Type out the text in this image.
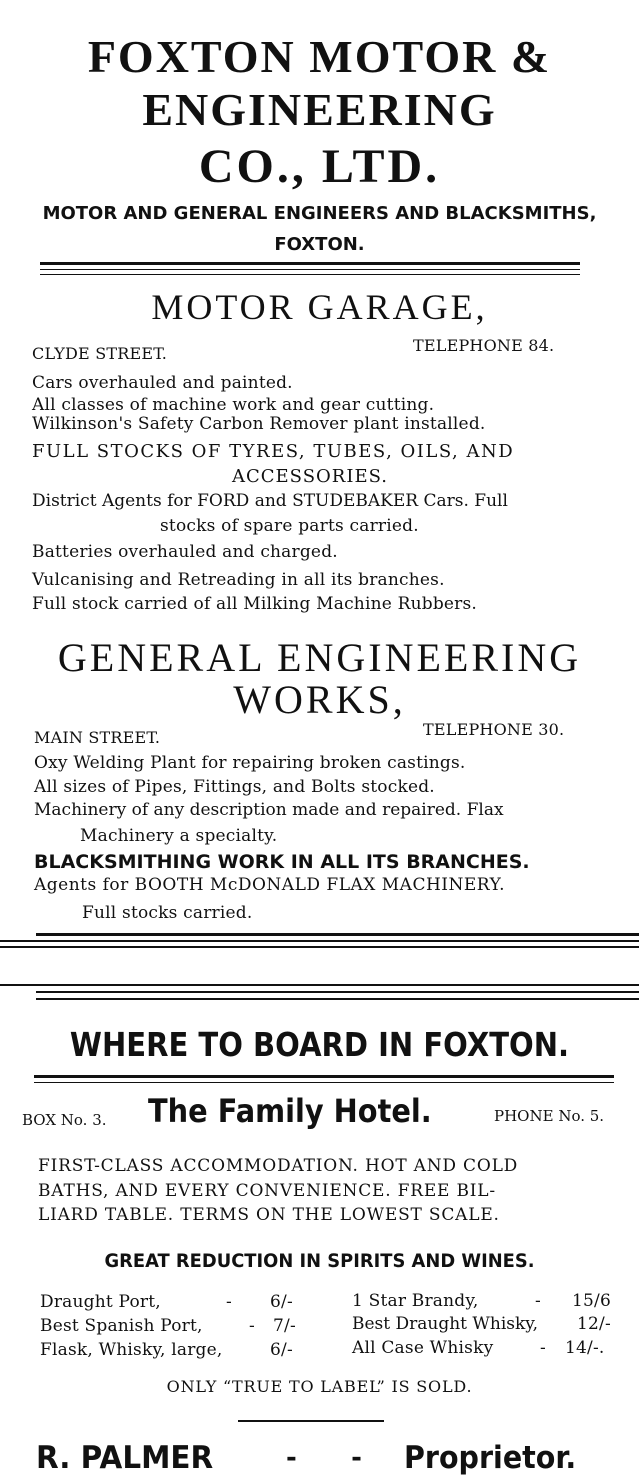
FOXTON MOTOR &
ENGINEERING
CO., LTD.
MOTOR AND GENERAL ENGINEERS AND BLACKSMITHS,
FOXTON.
MOTOR GARAGE,
CLYDE STREET.	TELEPHONE 84.
Cars overhauled and painted.
All classes of machine work and gear cutting.
Wilkinson's Safety Carbon Remover plant installed.
FULL STOCKS OF TYRES, TUBES, OILS, AND
ACCESSORIES.
District Agents for FORD and STUDEBAKER Cars. Full
stocks of spare parts carried.
Batteries overhauled and charged.
Vulcanising and Retreading in all its branches.
Full stock carried of all Milking Machine Rubbers.
GENERAL ENGINEERING
WORKS,
MAIN STREET.	TELEPHONE 30.
Oxy Welding Plant for repairing broken castings.
All sizes of Pipes, Fittings, and Bolts stocked.
Machinery of any description made and repaired. Flax
Machinery a specialty.
BLACKSMITHING WORK IN ALL ITS BRANCHES.
Agents for BOOTH McDONALD FLAX MACHINERY.
Full stocks carried.
WHERE TO BOARD IN FOXTON.
BOX No. 3. The Family Hotel.	PHONE No. 5.
FIRST-CLASS ACCOMMODATION. HOT AND COLD
BATHS, AND EVERY CONVENIENCE. FREE BIL-
LIARD TABLE. TERMS ON THE LOWEST SCALE.
GREAT REDUCTION IN SPIRITS AND WINES.
Draught Port,	- 6/-
Best Spanish Port,	- 7/-
Flask, Whisky, large,	6/-
1 Star Brandy,	- 15/6
Best Draught Whisky, 12/-
All Case Whisky	- 14/-.
ONLY “TRUE TO LABEL” IS SOLD.
R. PALMER	-      - Proprietor.
